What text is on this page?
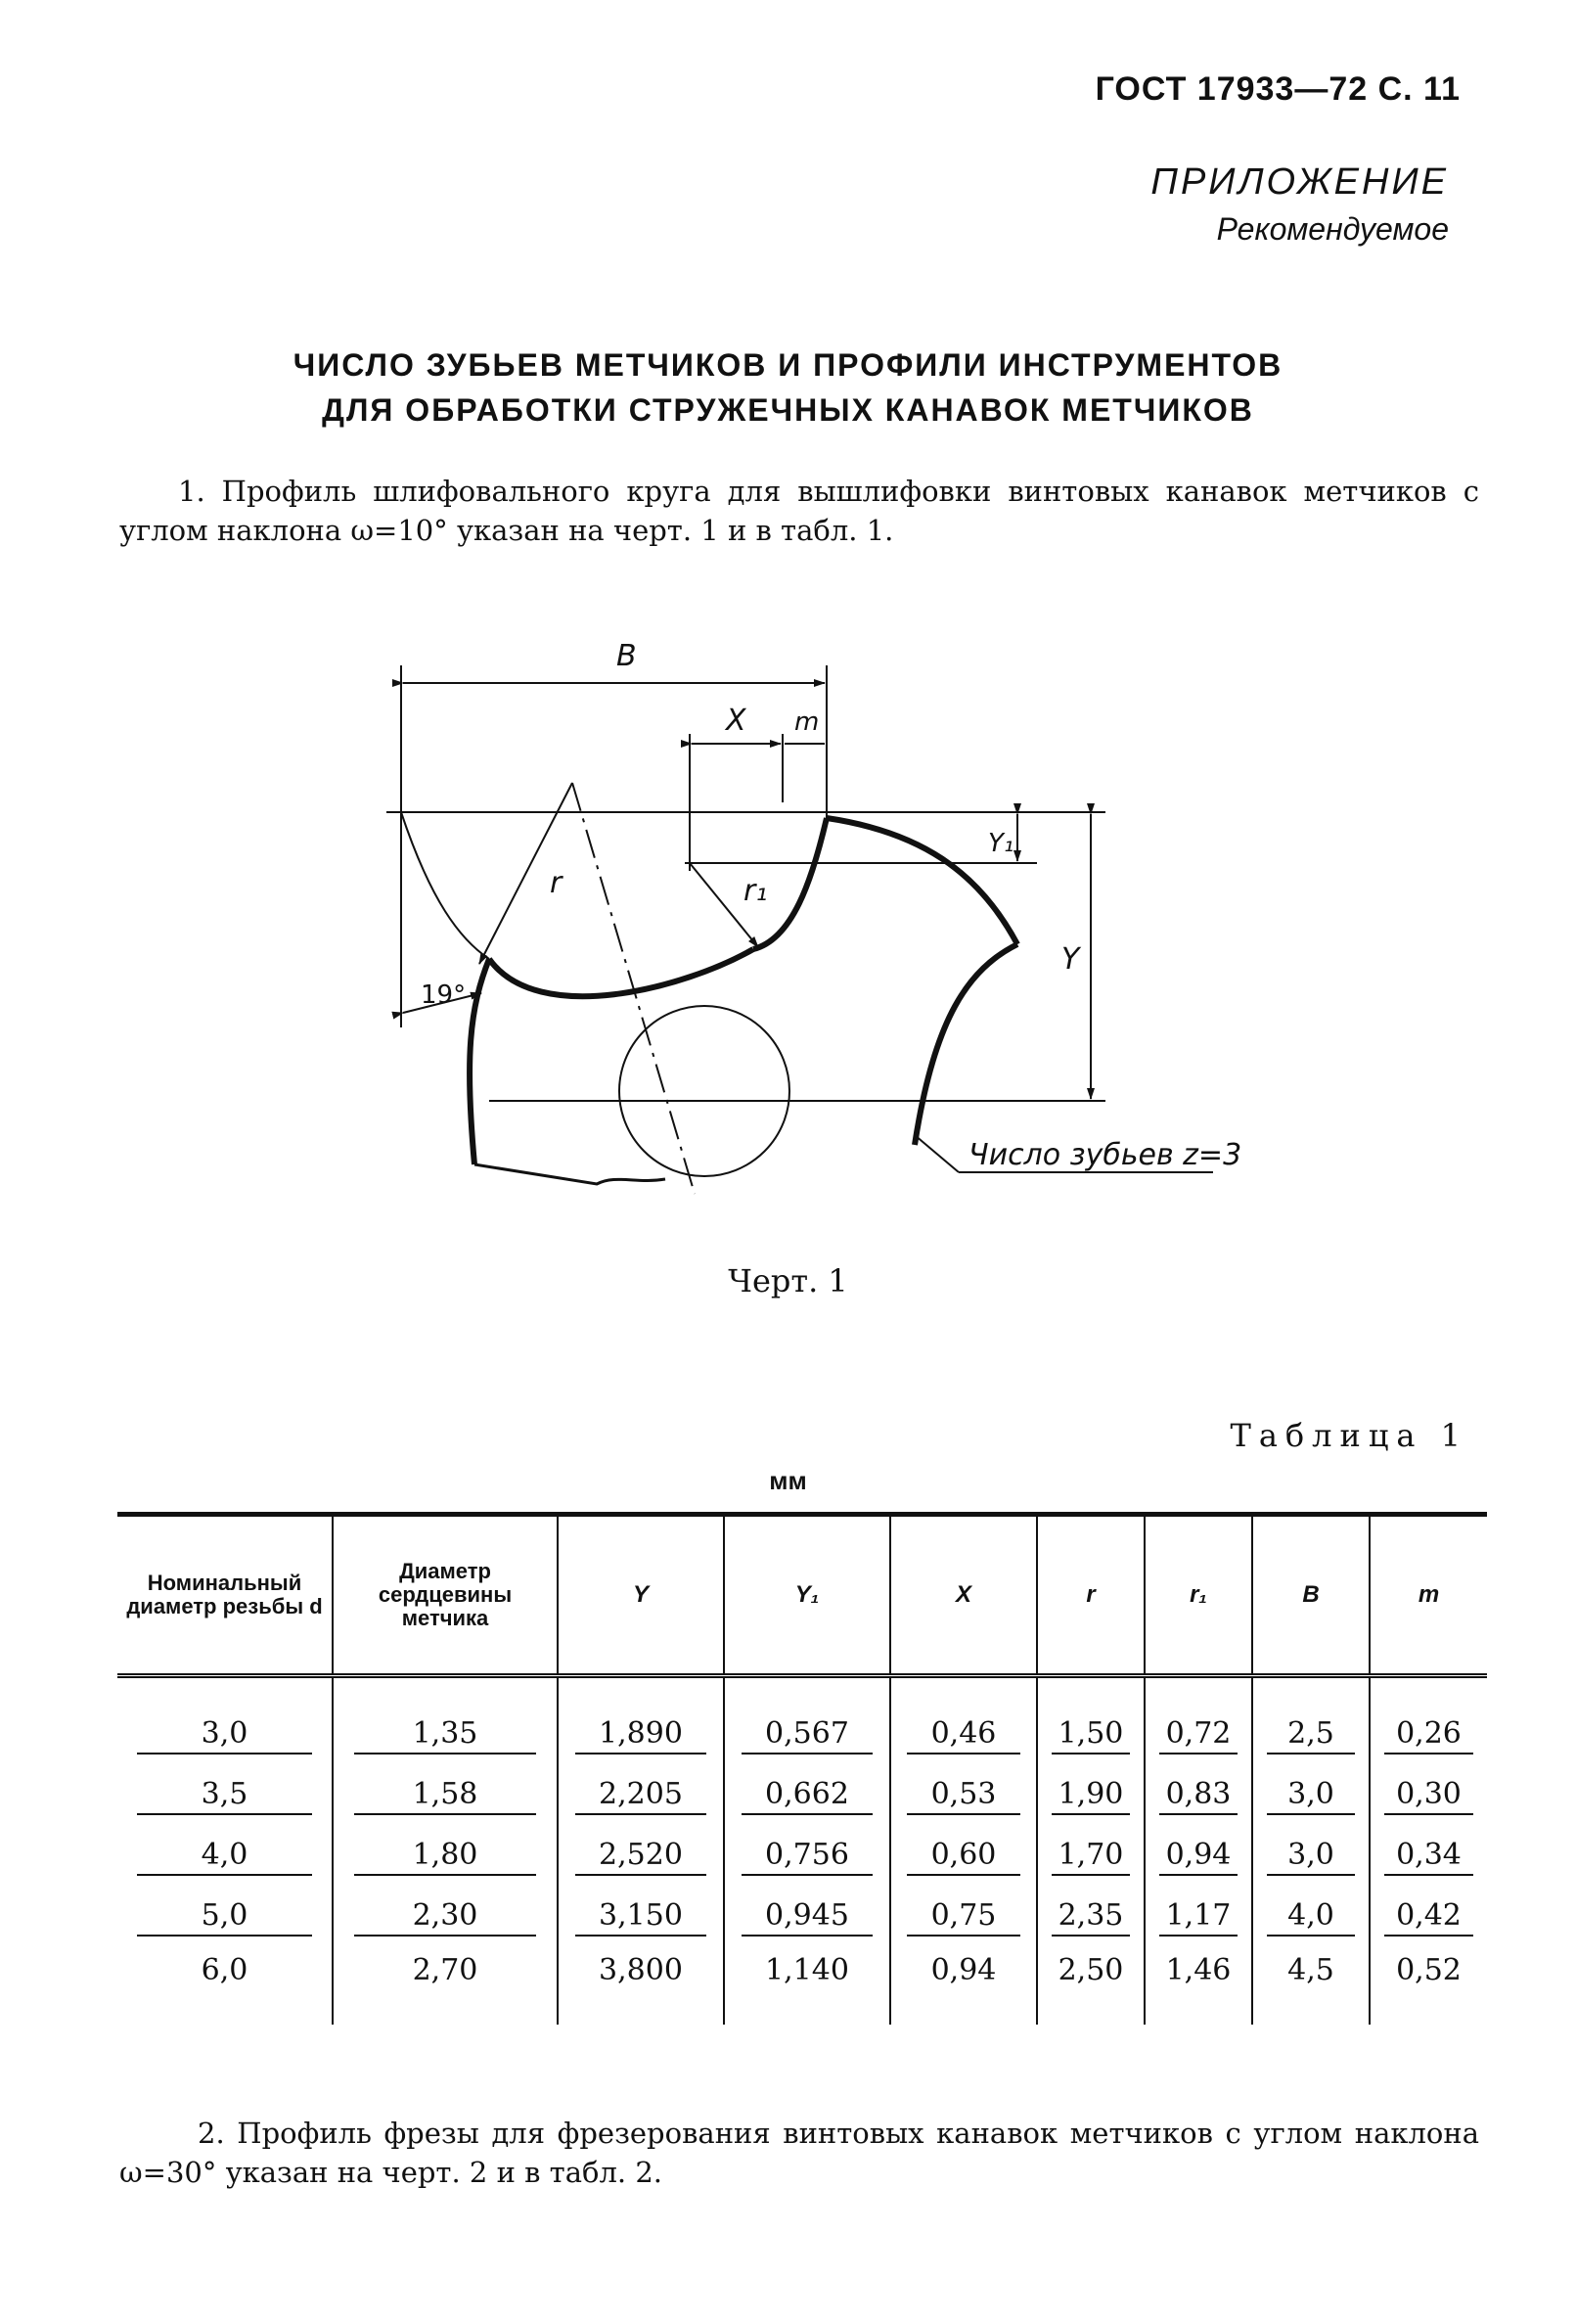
ГОСТ 17933—72 С. 11
ПРИЛОЖЕНИЕ
Рекомендуемое
ЧИСЛО ЗУБЬЕВ МЕТЧИКОВ И ПРОФИЛИ ИНСТРУМЕНТОВ
ДЛЯ ОБРАБОТКИ СТРУЖЕЧНЫХ КАНАВОК МЕТЧИКОВ
1. Профиль шлифовального круга для вышлифовки винтовых канавок метчиков с углом наклона ω=10° указан на черт. 1 и в табл. 1.
B
X m
r	r₁
Y
Y₁
19°
Число зубьев z=3
Черт. 1
Таблица 1
мм
Номинальный диаметр резьбы d	Диаметр сердцевины метчика	Y	Y₁	X	r	r₁	B	m
3,0	1,35	1,890	0,567	0,46	1,50	0,72	2,5	0,26
3,5	1,58	2,205	0,662	0,53	1,90	0,83	3,0	0,30
4,0	1,80	2,520	0,756	0,60	1,70	0,94	3,0	0,34
5,0	2,30	3,150	0,945	0,75	2,35	1,17	4,0	0,42
6,0	2,70	3,800	1,140	0,94	2,50	1,46	4,5	0,52
2. Профиль фрезы для фрезерования винтовых канавок метчиков с углом наклона ω=30° указан на черт. 2 и в табл. 2.
